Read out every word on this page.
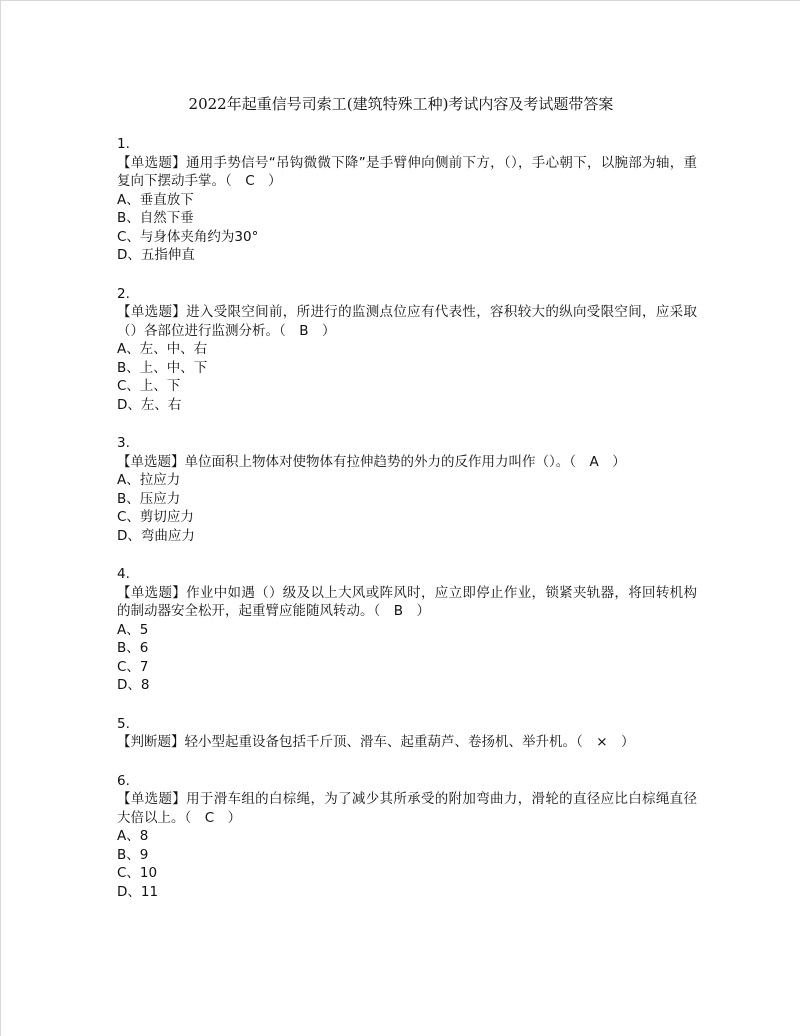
2022年起重信号司索工(建筑特殊工种)考试内容及考试题带答案
1.
【单选题】通用手势信号“吊钩微微下降”是手臂伸向侧前下方，（），手心朝下，以腕部为轴，重复向下摆动手掌。（　C　）
A、垂直放下
B、自然下垂
C、与身体夹角约为30°
D、五指伸直
2.
【单选题】进入受限空间前，所进行的监测点位应有代表性，容积较大的纵向受限空间，应采取（）各部位进行监测分析。（　B　）
A、左、中、右
B、上、中、下
C、上、下
D、左、右
3.
【单选题】单位面积上物体对使物体有拉伸趋势的外力的反作用力叫作（）。（　A　）
A、拉应力
B、压应力
C、剪切应力
D、弯曲应力
4.
【单选题】作业中如遇（）级及以上大风或阵风时，应立即停止作业，锁紧夹轨器，将回转机构的制动器安全松开，起重臂应能随风转动。（　B　）
A、5
B、6
C、7
D、8
5.
【判断题】轻小型起重设备包括千斤顶、滑车、起重葫芦、卷扬机、举升机。（　×　）
6.
【单选题】用于滑车组的白棕绳，为了减少其所承受的附加弯曲力，滑轮的直径应比白棕绳直径大倍以上。（　C　）
A、8
B、9
C、10
D、11
